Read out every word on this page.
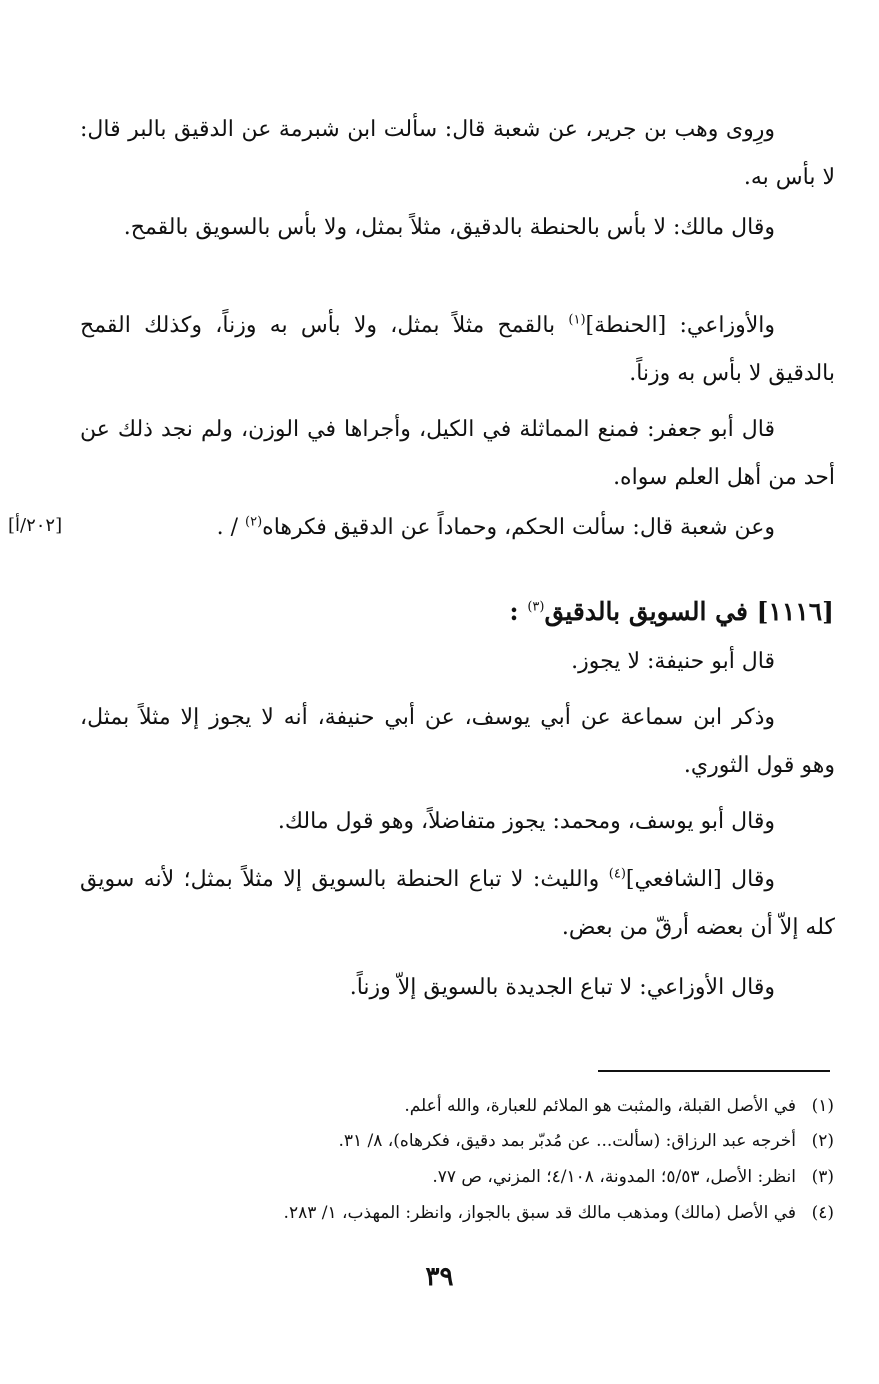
ورِوى وهب بن جرير، عن شعبة قال: سألت ابن شبرمة عن الدقيق بالبر قال: لا بأس به.

وقال مالك: لا بأس بالحنطة بالدقيق، مثلاً بمثل، ولا بأس بالسويق بالقمح.

والأوزاعي: [الحنطة]$^{(١)}$ بالقمح مثلاً بمثل، ولا بأس به وزناً، وكذلك القمح بالدقيق لا بأس به وزناً.

قال أبو جعفر: فمنع المماثلة في الكيل، وأجراها في الوزن، ولم نجد ذلك عن أحد من أهل العلم سواه.

وعن شعبة قال: سألت الحكم، وحماداً عن الدقيق فكرهاه$^{(٢)}$ / .

[٢٠٢/أ]
[١١١٦] في السويق بالدقيق$^{(٣)}$ :

قال أبو حنيفة: لا يجوز.

وذكر ابن سماعة عن أبي يوسف، عن أبي حنيفة، أنه لا يجوز إلا مثلاً بمثل، وهو قول الثوري.

وقال أبو يوسف، ومحمد: يجوز متفاضلاً، وهو قول مالك.

وقال [الشافعي]$^{(٤)}$ والليث: لا تباع الحنطة بالسويق إلا مثلاً بمثل؛ لأنه سويق كله إلاّ أن بعضه أرقّ من بعض.

وقال الأوزاعي: لا تباع الجديدة بالسويق إلاّ وزناً.

(١)في الأصل القبلة، والمثبت هو الملائم للعبارة، والله أعلم.

(٢)أخرجه عبد الرزاق: (سألت... عن مُدبّر بمد دقيق، فكرهاه)، ٨/ ٣١.

(٣)انظر: الأصل، ٥/٥٣؛ المدونة، ٤/١٠٨؛ المزني، ص ٧٧.

(٤)في الأصل (مالك) ومذهب مالك قد سبق بالجواز، وانظر: المهذب، ١/ ٢٨٣.

٣٩
